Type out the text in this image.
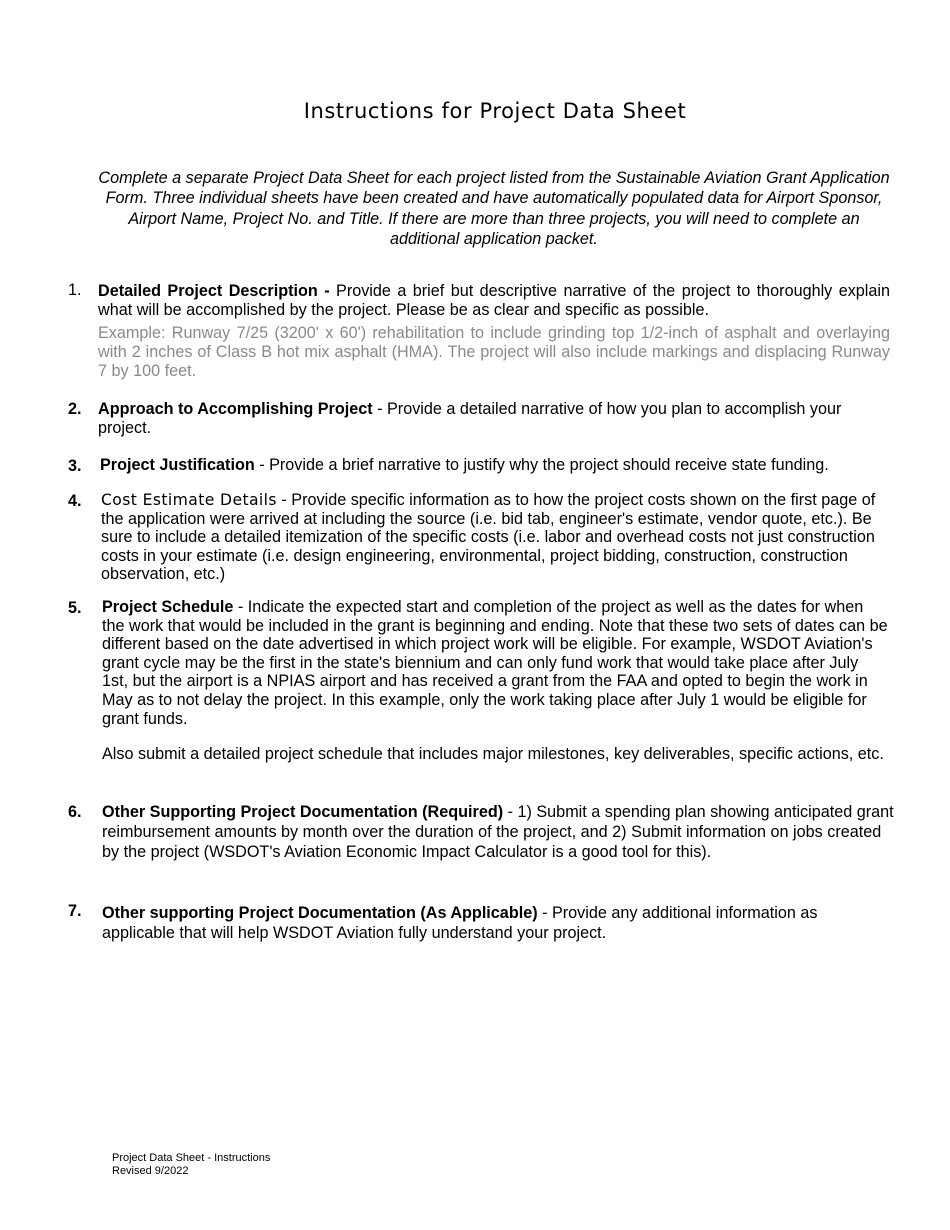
Instructions for Project Data Sheet
Complete a separate Project Data Sheet for each project listed from the Sustainable Aviation Grant Application Form. Three individual sheets have been created and have automatically populated data for Airport Sponsor, Airport Name, Project No. and Title. If there are more than three projects, you will need to complete an additional application packet.
1. Detailed Project Description - Provide a brief but descriptive narrative of the project to thoroughly explain what will be accomplished by the project. Please be as clear and specific as possible.
Example: Runway 7/25 (3200' x 60') rehabilitation to include grinding top 1/2-inch of asphalt and overlaying with 2 inches of Class B hot mix asphalt (HMA). The project will also include markings and displacing Runway 7 by 100 feet.
2. Approach to Accomplishing Project - Provide a detailed narrative of how you plan to accomplish your project.
3. Project Justification - Provide a brief narrative to justify why the project should receive state funding.
4. Cost Estimate Details - Provide specific information as to how the project costs shown on the first page of the application were arrived at including the source (i.e. bid tab, engineer's estimate, vendor quote, etc.). Be sure to include a detailed itemization of the specific costs (i.e. labor and overhead costs not just construction costs in your estimate (i.e. design engineering, environmental, project bidding, construction, construction observation, etc.)
5. Project Schedule - Indicate the expected start and completion of the project as well as the dates for when the work that would be included in the grant is beginning and ending. Note that these two sets of dates can be different based on the date advertised in which project work will be eligible. For example, WSDOT Aviation's grant cycle may be the first in the state's biennium and can only fund work that would take place after July 1st, but the airport is a NPIAS airport and has received a grant from the FAA and opted to begin the work in May as to not delay the project. In this example, only the work taking place after July 1 would be eligible for grant funds.
Also submit a detailed project schedule that includes major milestones, key deliverables, specific actions, etc.
6. Other Supporting Project Documentation (Required) - 1) Submit a spending plan showing anticipated grant reimbursement amounts by month over the duration of the project, and 2) Submit information on jobs created by the project (WSDOT's Aviation Economic Impact Calculator is a good tool for this).
7. Other supporting Project Documentation (As Applicable) - Provide any additional information as applicable that will help WSDOT Aviation fully understand your project.
Project Data Sheet - Instructions
Revised 9/2022
